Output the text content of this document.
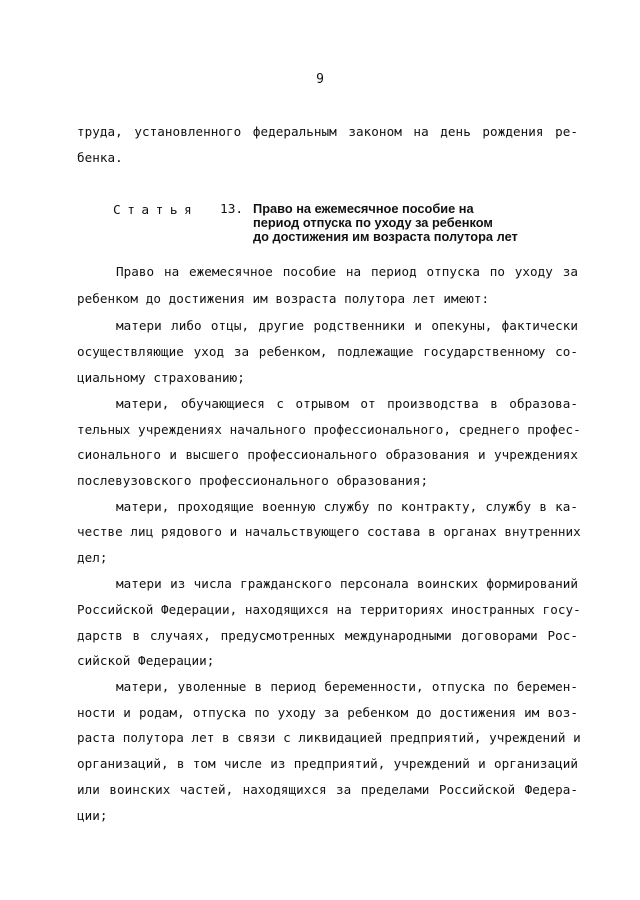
9
труда, установленного федеральным законом на день рождения ре-
бенка.
Статья 13. Право на ежемесячное пособие на
период отпуска по уходу за ребенком
до достижения им возраста полутора лет
Право на ежемесячное пособие на период отпуска по уходу за
ребенком до достижения им возраста полутора лет имеют:
матери либо отцы, другие родственники и опекуны, фактически
осуществляющие уход за ребенком, подлежащие государственному со-
циальному страхованию;
матери, обучающиеся с отрывом от производства в образова-
тельных учреждениях начального профессионального, среднего профес-
сионального и высшего профессионального образования и учреждениях
послевузовского профессионального образования;
матери, проходящие военную службу по контракту, службу в ка-
честве лиц рядового и начальствующего состава в органах внутренних
дел;
матери из числа гражданского персонала воинских формирований
Российской Федерации, находящихся на территориях иностранных госу-
дарств в случаях, предусмотренных международными договорами Рос-
сийской Федерации;
матери, уволенные в период беременности, отпуска по беремен-
ности и родам, отпуска по уходу за ребенком до достижения им воз-
раста полутора лет в связи с ликвидацией предприятий, учреждений и
организаций, в том числе из предприятий, учреждений и организаций
или воинских частей, находящихся за пределами Российской Федера-
ции;
